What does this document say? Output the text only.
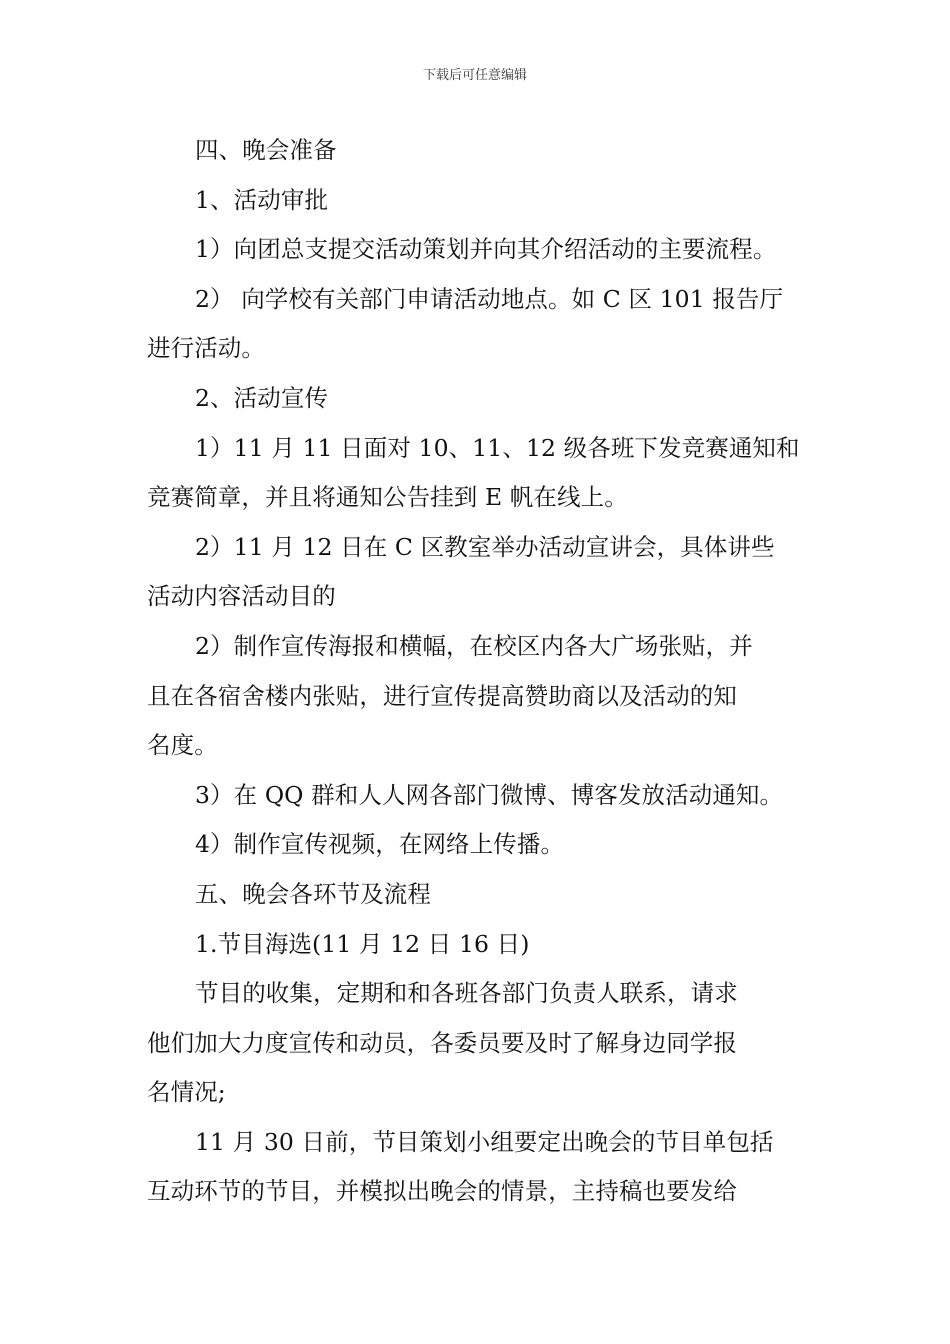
下载后可任意编辑
四、晚会准备
1、活动审批
1）向团总支提交活动策划并向其介绍活动的主要流程。
2） 向学校有关部门申请活动地点。如 C 区 101 报告厅
进行活动。
2、活动宣传
1）11 月 11 日面对 10、11、12 级各班下发竞赛通知和
竞赛简章，并且将通知公告挂到 E 帆在线上。
2）11 月 12 日在 C 区教室举办活动宣讲会，具体讲些
活动内容活动目的
2）制作宣传海报和横幅，在校区内各大广场张贴，并
且在各宿舍楼内张贴，进行宣传提高赞助商以及活动的知
名度。
3）在 QQ 群和人人网各部门微博、博客发放活动通知。
4）制作宣传视频，在网络上传播。
五、晚会各环节及流程
1.节目海选(11 月 12 日 16 日)
节目的收集，定期和和各班各部门负责人联系，请求
他们加大力度宣传和动员，各委员要及时了解身边同学报
名情况;
11 月 30 日前，节目策划小组要定出晚会的节目单包括
互动环节的节目，并模拟出晚会的情景，主持稿也要发给
